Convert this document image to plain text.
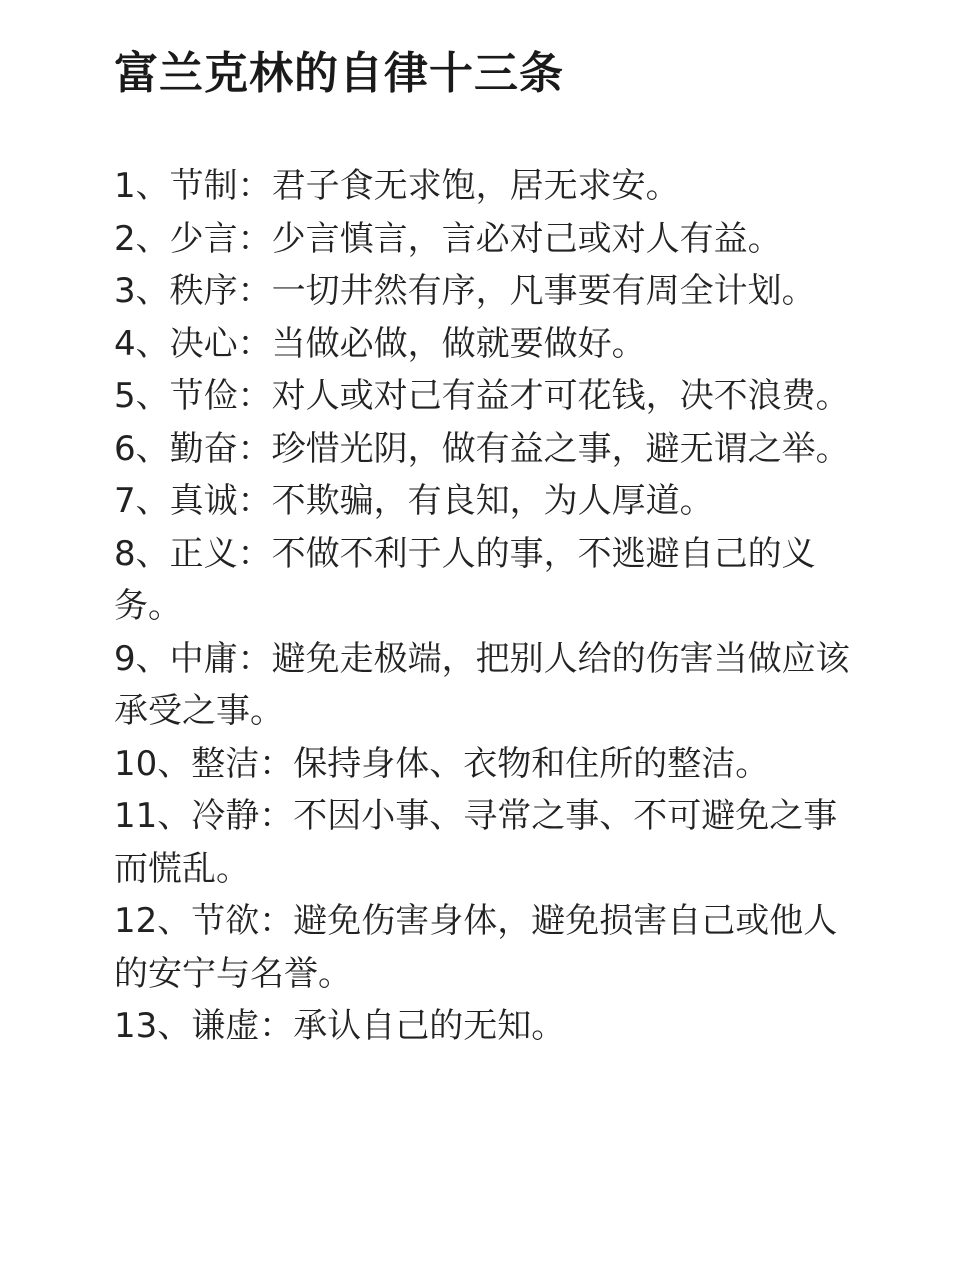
富兰克林的自律十三条
1、节制：君子食无求饱，居无求安。
2、少言：少言慎言，言必对己或对人有益。
3、秩序：一切井然有序，凡事要有周全计划。
4、决心：当做必做，做就要做好。
5、节俭：对人或对己有益才可花钱，决不浪费。
6、勤奋：珍惜光阴，做有益之事，避无谓之举。
7、真诚：不欺骗，有良知，为人厚道。
8、正义：不做不利于人的事，不逃避自己的义务。
9、中庸：避免走极端，把别人给的伤害当做应该承受之事。
10、整洁：保持身体、衣物和住所的整洁。
11、冷静：不因小事、寻常之事、不可避免之事而慌乱。
12、节欲：避免伤害身体，避免损害自己或他人的安宁与名誉。
13、谦虚：承认自己的无知。
